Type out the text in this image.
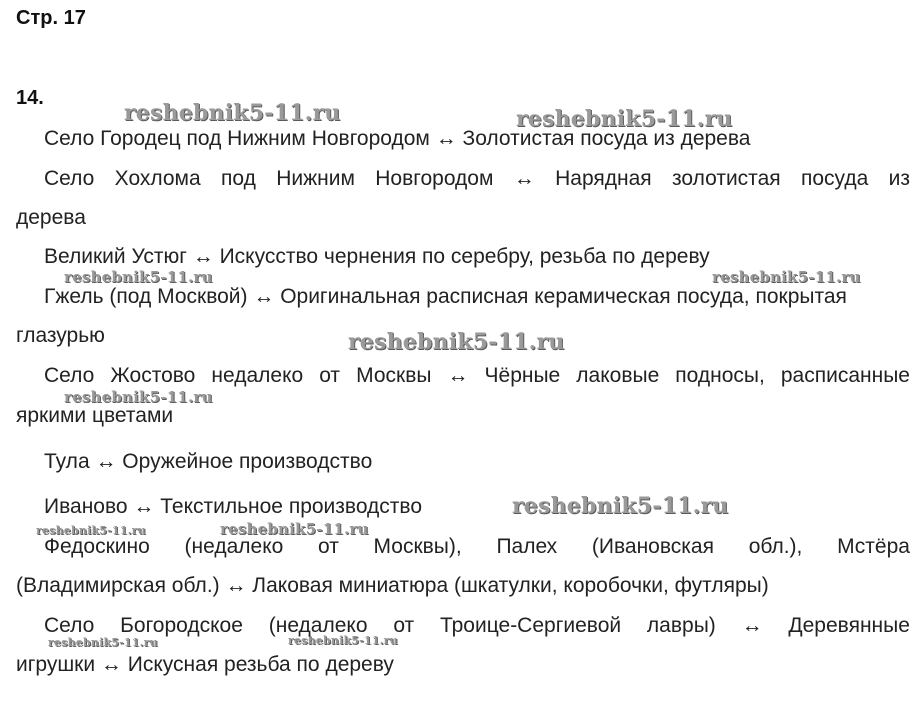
Стр. 17
14.
reshebnik5-11.ru	reshebnik5-11.ru
reshebnik5-11.ru	reshebnik5-11.ru
reshebnik5-11.ru
reshebnik5-11.ru
reshebnik5-11.ru
reshebnik5-11.ru	reshebnik5-11.ru
reshebnik5-11.ru	reshebnik5-11.ru
Село Городец под Нижним Новгородом ↔ Золотистая посуда из дерева
Село Хохлома под Нижним Новгородом ↔ Нарядная золотистая посуда из
дерева
Великий Устюг ↔ Искусство чернения по серебру, резьба по дереву
Гжель (под Москвой) ↔ Оригинальная расписная керамическая посуда, покрытая
глазурью
Село Жостово недалеко от Москвы ↔ Чёрные лаковые подносы, расписанные
яркими цветами
Тула ↔ Оружейное производство
Иваново ↔ Текстильное производство
Федоскино (недалеко от Москвы), Палех (Ивановская обл.), Мстёра
(Владимирская обл.) ↔ Лаковая миниатюра (шкатулки, коробочки, футляры)
Село Богородское (недалеко от Троице-Сергиевой лавры) ↔ Деревянные
игрушки ↔ Искусная резьба по дереву
